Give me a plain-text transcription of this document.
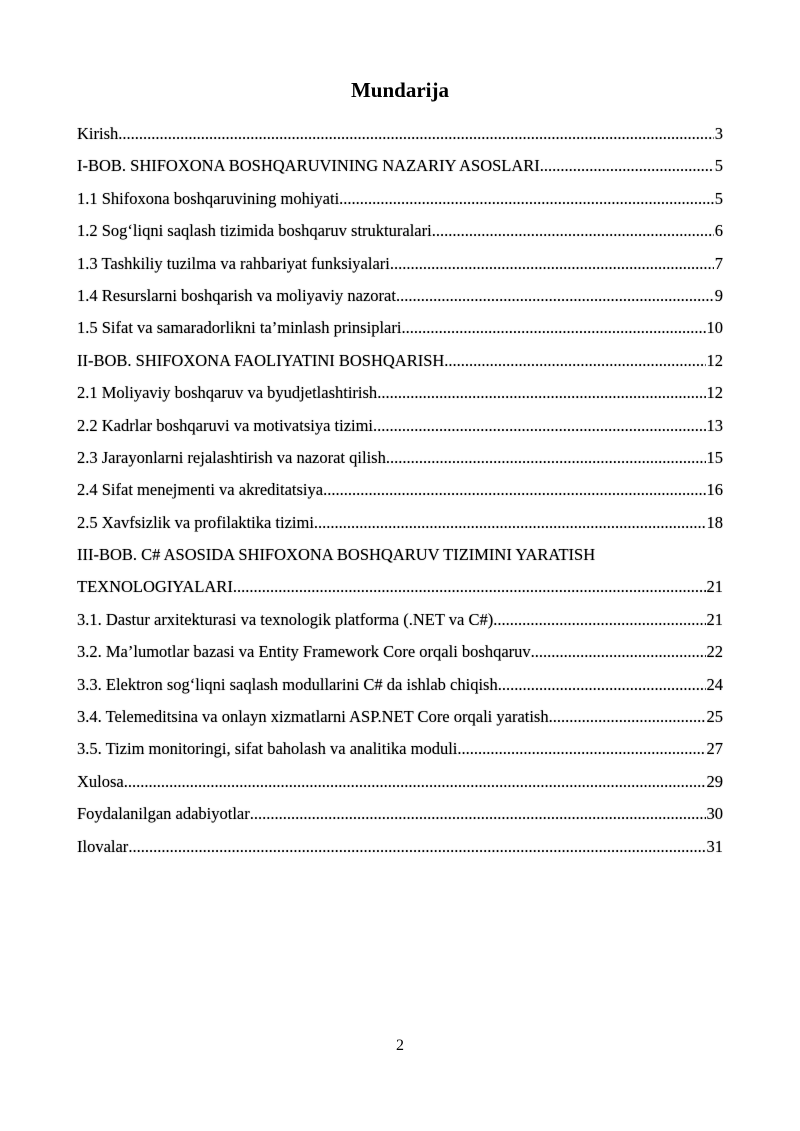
Mundarija
Kirish .....	3
I-BOB. SHIFOXONA BOSHQARUVINING NAZARIY ASOSLARI .....	5
1.1 Shifoxona boshqaruvining mohiyati .....	5
1.2 Sog‘liqni saqlash tizimida boshqaruv strukturalari .....	6
1.3 Tashkiliy tuzilma va rahbariyat funksiyalari .....	7
1.4 Resurslarni boshqarish va moliyaviy nazorat .....	9
1.5 Sifat va samaradorlikni ta’minlash prinsiplari .....	10
II-BOB. SHIFOXONA FAOLIYATINI BOSHQARISH .....	12
2.1 Moliyaviy boshqaruv va byudjetlashtirish .....	12
2.2 Kadrlar boshqaruvi va motivatsiya tizimi .....	13
2.3 Jarayonlarni rejalashtirish va nazorat qilish .....	15
2.4 Sifat menejmenti va akreditatsiya .....	16
2.5 Xavfsizlik va profilaktika tizimi .....	18
III-BOB. C# ASOSIDA SHIFOXONA BOSHQARUV TIZIMINI YARATISH
TEXNOLOGIYALARI .....	21
3.1. Dastur arxitekturasi va texnologik platforma (.NET va C#) .....	21
3.2. Ma’lumotlar bazasi va Entity Framework Core orqali boshqaruv .....	22
3.3. Elektron sog‘liqni saqlash modullarini C# da ishlab chiqish .....	24
3.4. Telemeditsina va onlayn xizmatlarni ASP.NET Core orqali yaratish .....	25
3.5. Tizim monitoringi, sifat baholash va analitika moduli .....	27
Xulosa .....	29
Foydalanilgan adabiyotlar .....	30
Ilovalar .....	31
2
